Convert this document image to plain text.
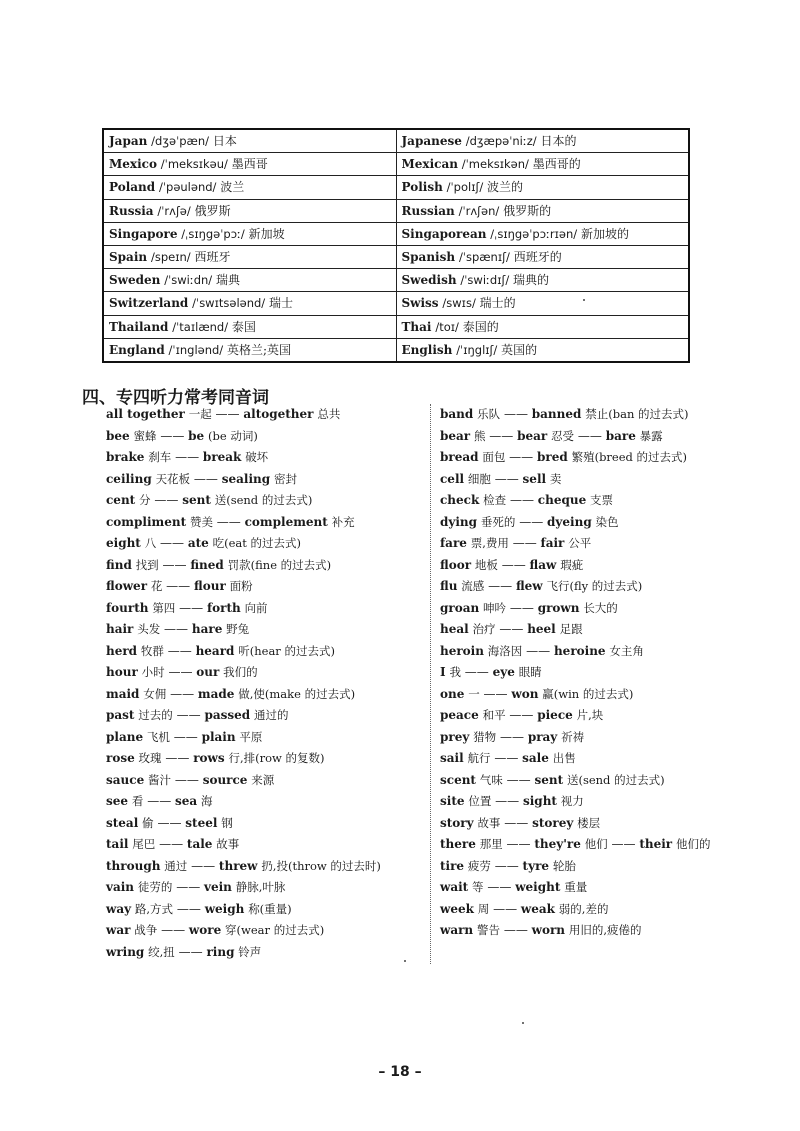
Japan /dʒəˈpæn/ 日本	Japanese /dʒæpəˈniːz/ 日本的
Mexico /ˈmeksɪkəu/ 墨西哥	Mexican /ˈmeksɪkən/ 墨西哥的
Poland /ˈpəulənd/ 波兰	Polish /ˈpolɪʃ/ 波兰的
Russia /ˈrʌʃə/ 俄罗斯	Russian /ˈrʌʃən/ 俄罗斯的
Singapore /ˌsɪŋgəˈpɔː/ 新加坡	Singaporean /ˌsɪŋgəˈpɔːrɪən/ 新加坡的
Spain /speɪn/ 西班牙	Spanish /ˈspænɪʃ/ 西班牙的
Sweden /ˈswiːdn/ 瑞典	Swedish /ˈswiːdɪʃ/ 瑞典的
Switzerland /ˈswɪtsələnd/ 瑞士	Swiss /swɪs/ 瑞士的
Thailand /ˈtaɪlænd/ 泰国	Thai /toɪ/ 泰国的
England /ˈɪnglənd/ 英格兰;英国	English /ˈɪŋglɪʃ/ 英国的
四、专四听力常考同音词
all together 一起 —— altogether 总共
bee 蜜蜂 —— be (be 动词)
brake 刹车 —— break 破坏
ceiling 天花板 —— sealing 密封
cent 分 —— sent 送(send 的过去式)
compliment 赞美 —— complement 补充
eight 八 —— ate 吃(eat 的过去式)
find 找到 —— fined 罚款(fine 的过去式)
flower 花 —— flour 面粉
fourth 第四 —— forth 向前
hair 头发 —— hare 野兔
herd 牧群 —— heard 听(hear 的过去式)
hour 小时 —— our 我们的
maid 女佣 —— made 做,使(make 的过去式)
past 过去的 —— passed 通过的
plane 飞机 —— plain 平原
rose 玫瑰 —— rows 行,排(row 的复数)
sauce 酱汁 —— source 来源
see 看 —— sea 海
steal 偷 —— steel 钢
tail 尾巴 —— tale 故事
through 通过 —— threw 扔,投(throw 的过去时)
vain 徒劳的 —— vein 静脉,叶脉
way 路,方式 —— weigh 称(重量)
war 战争 —— wore 穿(wear 的过去式)
wring 绞,扭 —— ring 铃声
band 乐队 —— banned 禁止(ban 的过去式)
bear 熊 —— bear 忍受 —— bare 暴露
bread 面包 —— bred 繁殖(breed 的过去式)
cell 细胞 —— sell 卖
check 检查 —— cheque 支票
dying 垂死的 —— dyeing 染色
fare 票,费用 —— fair 公平
floor 地板 —— flaw 瑕疵
flu 流感 —— flew 飞行(fly 的过去式)
groan 呻吟 —— grown 长大的
heal 治疗 —— heel 足跟
heroin 海洛因 —— heroine 女主角
I 我 —— eye 眼睛
one 一 —— won 赢(win 的过去式)
peace 和平 —— piece 片,块
prey 猎物 —— pray 祈祷
sail 航行 —— sale 出售
scent 气味 —— sent 送(send 的过去式)
site 位置 —— sight 视力
story 故事 —— storey 楼层
there 那里 —— they're 他们 —— their 他们的
tire 疲劳 —— tyre 轮胎
wait 等 —— weight 重量
week 周 —— weak 弱的,差的
warn 警告 —— worn 用旧的,疲倦的
– 18 –
